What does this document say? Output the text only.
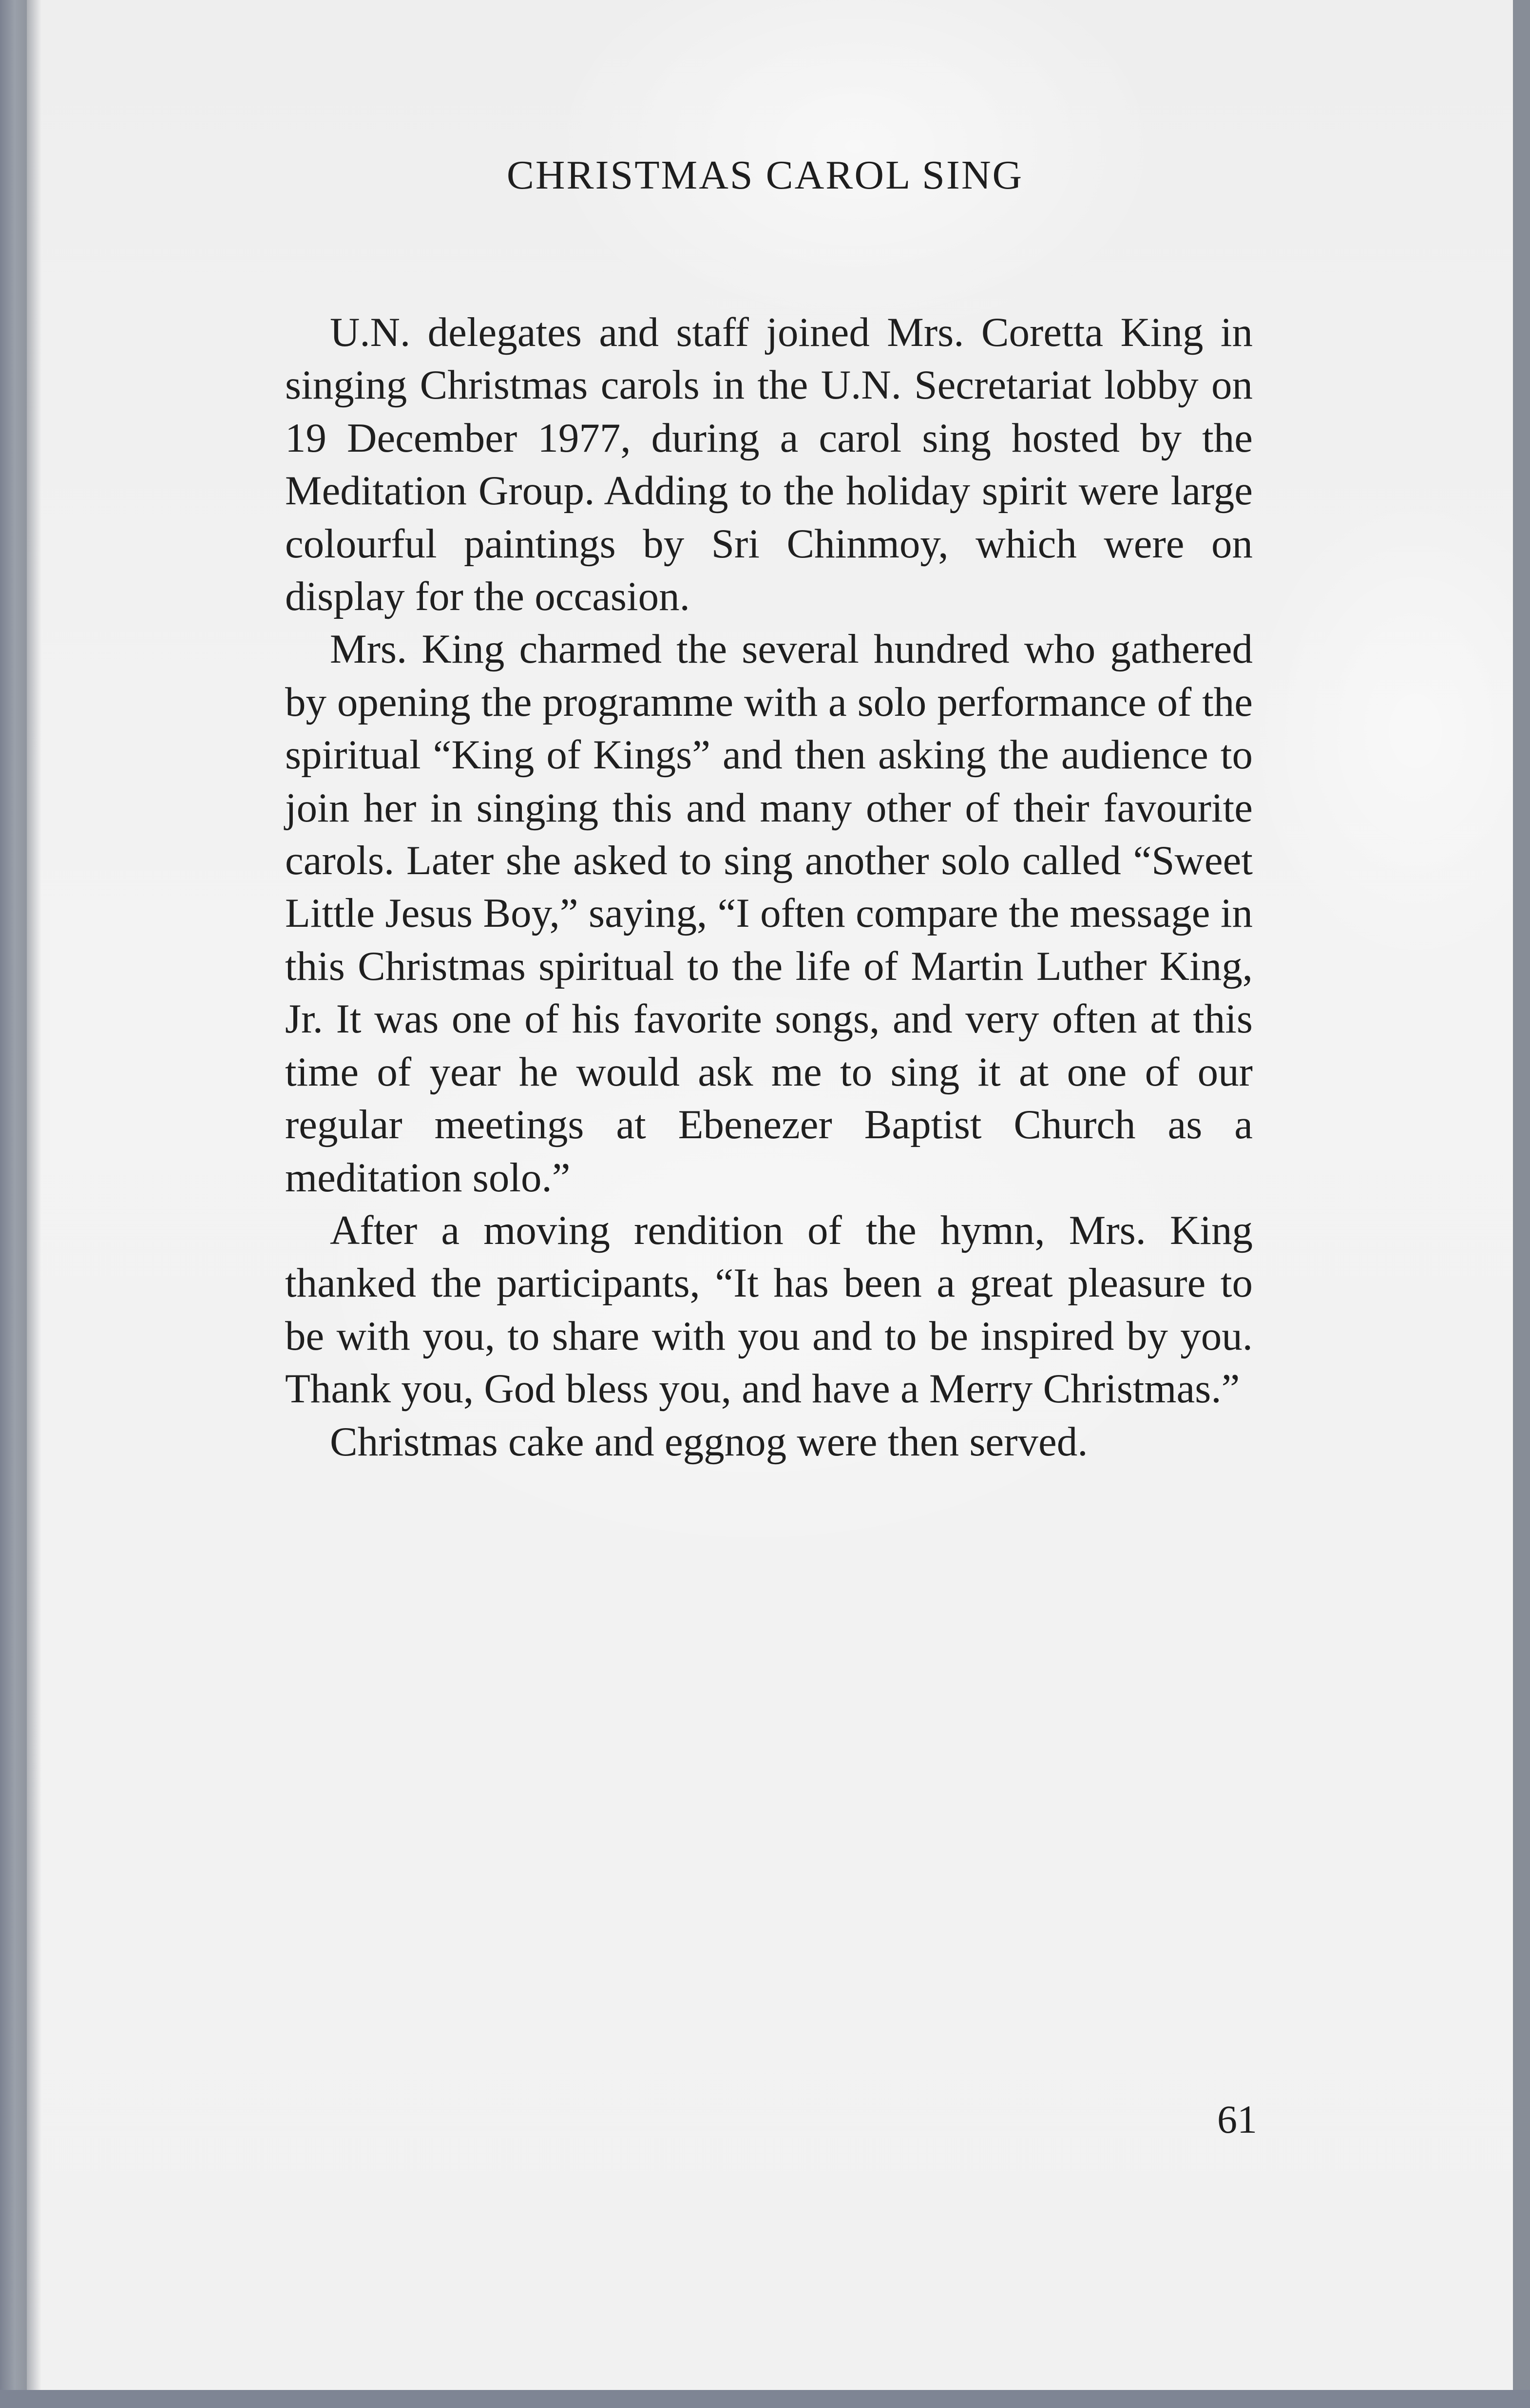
CHRISTMAS CAROL SING

U.N. delegates and staff joined Mrs. Coretta King in singing Christmas carols in the U.N. Secretariat lobby on 19 December 1977, during a carol sing hosted by the Meditation Group. Adding to the holiday spirit were large colourful paintings by Sri Chinmoy, which were on display for the occasion.

Mrs. King charmed the several hundred who gathered by opening the programme with a solo performance of the spiritual “King of Kings” and then asking the audience to join her in singing this and many other of their favourite carols. Later she asked to sing another solo called “Sweet Little Jesus Boy,” saying, “I often compare the message in this Christmas spiritual to the life of Martin Luther King, Jr. It was one of his favorite songs, and very often at this time of year he would ask me to sing it at one of our regular meetings at Ebenezer Baptist Church as a meditation solo.”

After a moving rendition of the hymn, Mrs. King thanked the participants, “It has been a great pleasure to be with you, to share with you and to be inspired by you. Thank you, God bless you, and have a Merry Christmas.”

Christmas cake and eggnog were then served.

61
